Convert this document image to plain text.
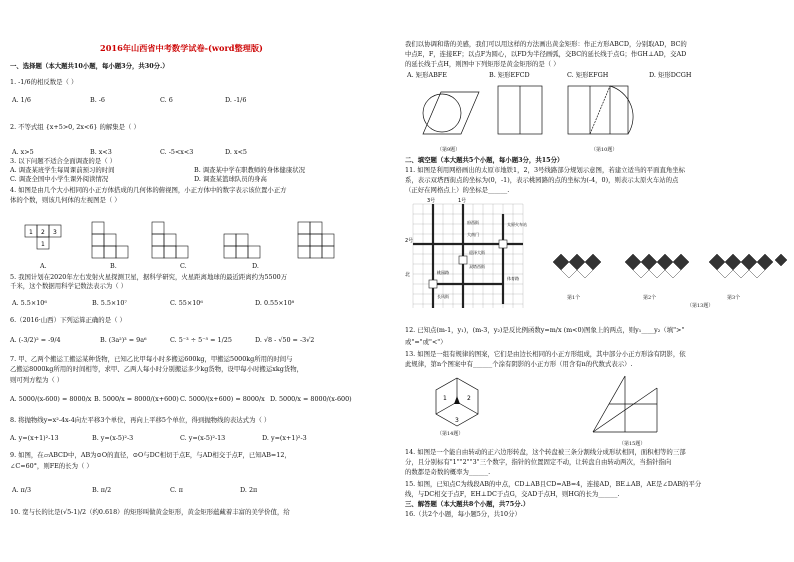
2016年山西省中考数学试卷-(word整理版)
一、选择题（本大题共10小题，每小题3分，共30分.）
1. -1/6的相反数是（ ）
A. 1/6	B. -6	C. 6	D. -1/6
2. 不等式组 {x+5>0, 2x<6} 的解集是（ ）
A. x>5	B. x<3	C. -5<x<3	D. x<5
3. 以下问题不适合全面调查的是（ ）
A. 调查某班学生每周课前预习的时间	B. 调查某中学在职教师的身体健康状况
C. 调查全国中小学生课外阅读情况	D. 调查某篮球队员的身高
4. 如图是由几个大小相同的小正方体搭成的几何体的俯视图，小正方体中的数字表示该位置小正方
体的个数，则该几何体的左视图是（ ）
1 2 3
1
A.	B.	C.	D.
5. 我国计划在2020年左右发射火星探测卫星，据科学研究，火星距离地球的最近距离约为5500万
千米，这个数据用科学记数法表示为（ ）
A. 5.5×10⁶	B. 5.5×10⁷	C. 55×10⁶	D. 0.55×10⁸
6.（2016·山西）下列运算正确的是（ ）
A. (-3/2)² = -9/4	B. (3a²)³ = 9a⁶	C. 5⁻³ ÷ 5⁻⁵ = 1/25	D. √8 - √50 = -3√2
7. 甲、乙两个搬运工搬运某种货物，已知乙比甲每小时多搬运600kg，甲搬运5000kg所用的时间与
乙搬运8000kg所用的时间相等，求甲、乙两人每小时分别搬运多少kg货物，设甲每小时搬运xkg货物，
则可列方程为（ ）
A. 5000/(x-600) = 8000/x B. 5000/x = 8000/(x+600) C. 5000/(x+600) = 8000/x D. 5000/x = 8000/(x-600)
8. 将抛物线y=x²-4x-4向左平移3个单位，再向上平移5个单位，得到抛物线的表达式为（ ）
A. y=(x+1)²-13	B. y=(x-5)²-3	C. y=(x-5)²-13	D. y=(x+1)²-3
9. 如图，在▱ABCD中，AB为⊙O的直径，⊙O与DC相切于点E，与AD相交于点F，已知AB=12，
∠C=60°，则FE的长为（ ）
A. π/3	B. π/2	C. π	D. 2π
10. 宽与长的比是(√5-1)/2（约0.618）的矩形叫做黄金矩形，黄金矩形蕴藏着丰富的美学价值，给
我们以协调和谐的美感，我们可以用这样的方法画出黄金矩形：作正方形ABCD，分别取AD，BC的
中点E，F，连接EF；以点F为圆心，以FD为半径画弧，交BC的延长线于点G；作GH⊥AD，交AD
的延长线于点H，则图中下列矩形是黄金矩形的是（ ）
A. 矩形ABFE	B. 矩形EFCD	C. 矩形EFGH	D. 矩形DCGH
（第9题）	（第10题）
二、填空题（本大题共5个小题，每小题3分，共15分）
11. 如图是利用网格画出的太原市地铁1，2，3号线路部分规划示意图，若建立适当的平面直角坐标
系，表示双塔西街点的坐标为(0，-1)，表示桃园路的点的坐标为(-4，0)，则表示太原火车站的点
（正好在网格点上）的坐标是______.
3号	1号
2号
太原火车站
府西街
大南门
桃园路
迎泽大街
双塔西街
长风街
体育路
北
第1个	第2个	第3个
（第13题）
12. 已知点(m-1，y₁)，(m-3，y₂)是反比例函数y=m/x (m<0)图象上的两点，则y₁____y₂（填">"
或"="或"<"）
13. 如图是一组有规律的图案，它们是由边长相同的小正方形组成，其中部分小正方形涂有阴影，依
此规律，第n个图案中有______个涂有阴影的小正方形（用含有n的代数式表示）.
1	2
3
（第14题）
（第15题）
14. 如图是一个能自由转动的正六边形转盘，这个转盘被三条分割线分成形状相同，面积相等的三部
分，且分别标有"1""2""3"三个数字，指针的位置固定不动，让转盘自由转动两次，当指针指向
的数都是奇数的概率为______.
15. 如图，已知点C为线段AB的中点，CD⊥AB且CD=AB=4，连接AD，BE⊥AB，AE是∠DAB的平分
线，与DC相交于点F，EH⊥DC于点G，交AD于点H，则HG的长为______.
三、解答题（本大题共8个小题，共75分.）
16.（共2个小题，每小题5分，共10分）
